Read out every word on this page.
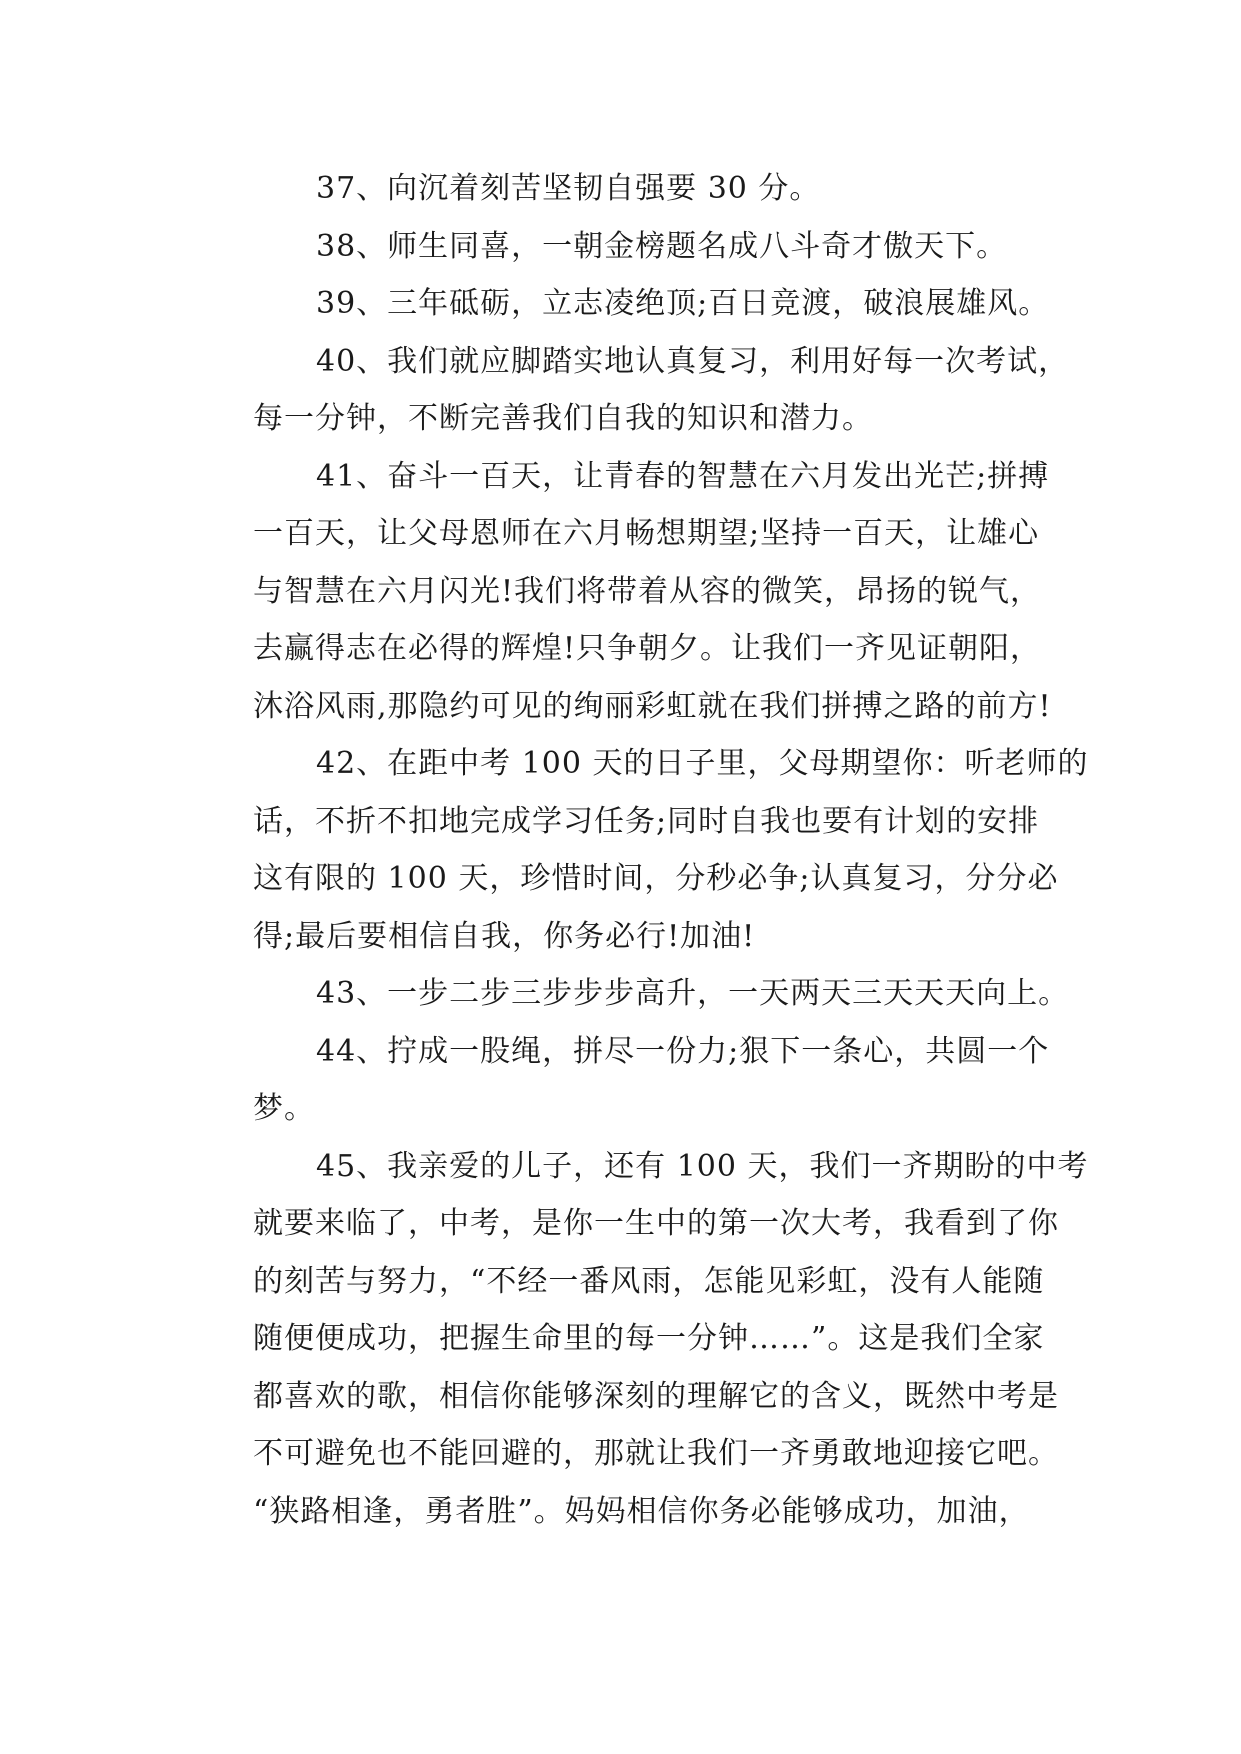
37、向沉着刻苦坚韧自强要 30 分。
38、师生同喜，一朝金榜题名成八斗奇才傲天下。
39、三年砥砺，立志凌绝顶;百日竞渡，破浪展雄风。
40、我们就应脚踏实地认真复习，利用好每一次考试，
每一分钟，不断完善我们自我的知识和潜力。
41、奋斗一百天，让青春的智慧在六月发出光芒;拼搏
一百天，让父母恩师在六月畅想期望;坚持一百天，让雄心
与智慧在六月闪光!我们将带着从容的微笑，昂扬的锐气，
去赢得志在必得的辉煌!只争朝夕。让我们一齐见证朝阳，
沐浴风雨,那隐约可见的绚丽彩虹就在我们拼搏之路的前方!
42、在距中考 100 天的日子里，父母期望你：听老师的
话，不折不扣地完成学习任务;同时自我也要有计划的安排
这有限的 100 天，珍惜时间，分秒必争;认真复习，分分必
得;最后要相信自我，你务必行!加油!
43、一步二步三步步步高升，一天两天三天天天向上。
44、拧成一股绳，拼尽一份力;狠下一条心，共圆一个
梦。
45、我亲爱的儿子，还有 100 天，我们一齐期盼的中考
就要来临了，中考，是你一生中的第一次大考，我看到了你
的刻苦与努力，“不经一番风雨，怎能见彩虹，没有人能随
随便便成功，把握生命里的每一分钟……”。这是我们全家
都喜欢的歌，相信你能够深刻的理解它的含义，既然中考是
不可避免也不能回避的，那就让我们一齐勇敢地迎接它吧。
“狭路相逢，勇者胜”。妈妈相信你务必能够成功，加油，
